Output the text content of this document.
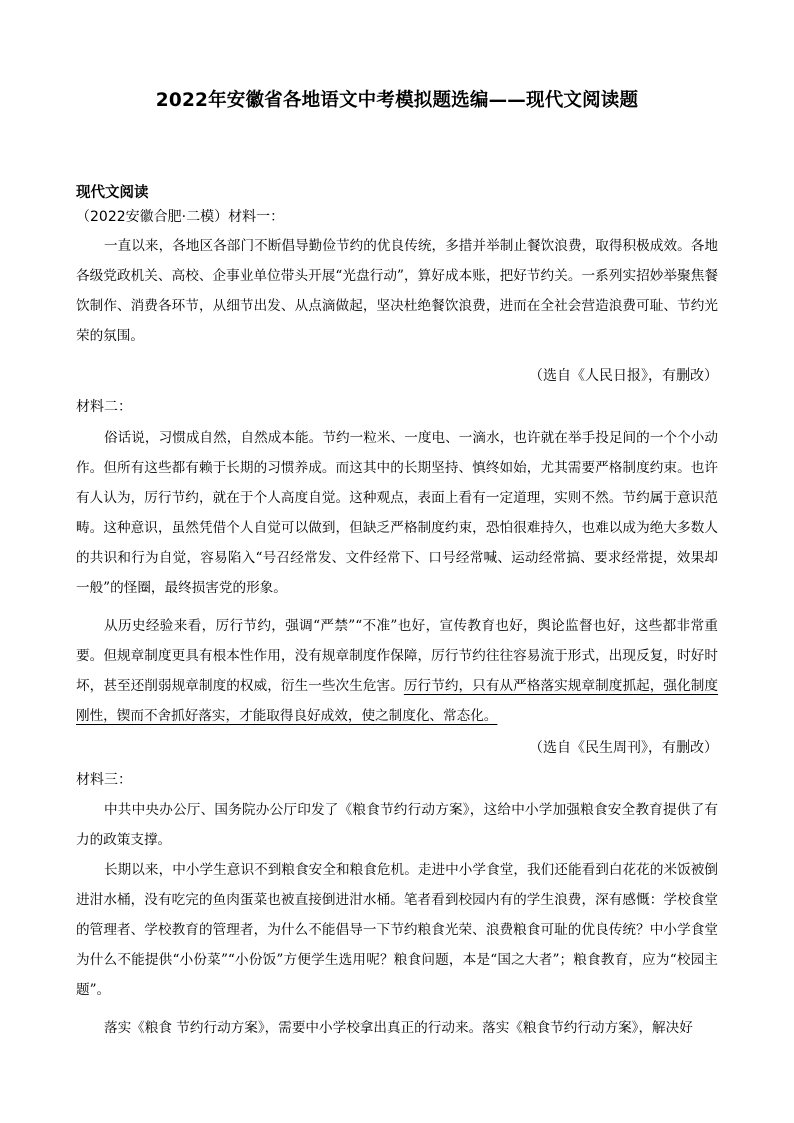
2022年安徽省各地语文中考模拟题选编——现代文阅读题
现代文阅读
（2022安徽合肥·二模）材料一：

一直以来，各地区各部门不断倡导勤俭节约的优良传统，多措并举制止餐饮浪费，取得积极成效。各地各级党政机关、高校、企事业单位带头开展“光盘行动”，算好成本账，把好节约关。一系列实招妙举聚焦餐饮制作、消费各环节，从细节出发、从点滴做起，坚决杜绝餐饮浪费，进而在全社会营造浪费可耻、节约光荣的氛围。

（选自《人民日报》，有删改）
材料二：

俗话说，习惯成自然，自然成本能。节约一粒米、一度电、一滴水，也许就在举手投足间的一个个小动作。但所有这些都有赖于长期的习惯养成。而这其中的长期坚持、慎终如始，尤其需要严格制度约束。也许有人认为，厉行节约，就在于个人高度自觉。这种观点，表面上看有一定道理，实则不然。节约属于意识范畴。这种意识，虽然凭借个人自觉可以做到，但缺乏严格制度约束，恐怕很难持久，也难以成为绝大多数人的共识和行为自觉，容易陷入“号召经常发、文件经常下、口号经常喊、运动经常搞、要求经常提，效果却一般”的怪圈，最终损害党的形象。

从历史经验来看，厉行节约，强调“严禁”“不准”也好，宣传教育也好，舆论监督也好，这些都非常重要。但规章制度更具有根本性作用，没有规章制度作保障，厉行节约往往容易流于形式，出现反复，时好时坏，甚至还削弱规章制度的权威，衍生一些次生危害。厉行节约，只有从严格落实规章制度抓起，强化制度刚性，锲而不舍抓好落实，才能取得良好成效，使之制度化、常态化。

（选自《民生周刊》，有删改）
材料三：

中共中央办公厅、国务院办公厅印发了《粮食节约行动方案》，这给中小学加强粮食安全教育提供了有力的政策支撑。

长期以来，中小学生意识不到粮食安全和粮食危机。走进中小学食堂，我们还能看到白花花的米饭被倒进泔水桶，没有吃完的鱼肉蛋菜也被直接倒进泔水桶。笔者看到校园内有的学生浪费，深有感慨：学校食堂的管理者、学校教育的管理者，为什么不能倡导一下节约粮食光荣、浪费粮食可耻的优良传统？中小学食堂为什么不能提供“小份菜”“小份饭”方便学生选用呢？粮食问题，本是“国之大者”；粮食教育，应为“校园主题”。

落实《粮食 节约行动方案》，需要中小学校拿出真正的行动来。落实《粮食节约行动方案》，解决好
